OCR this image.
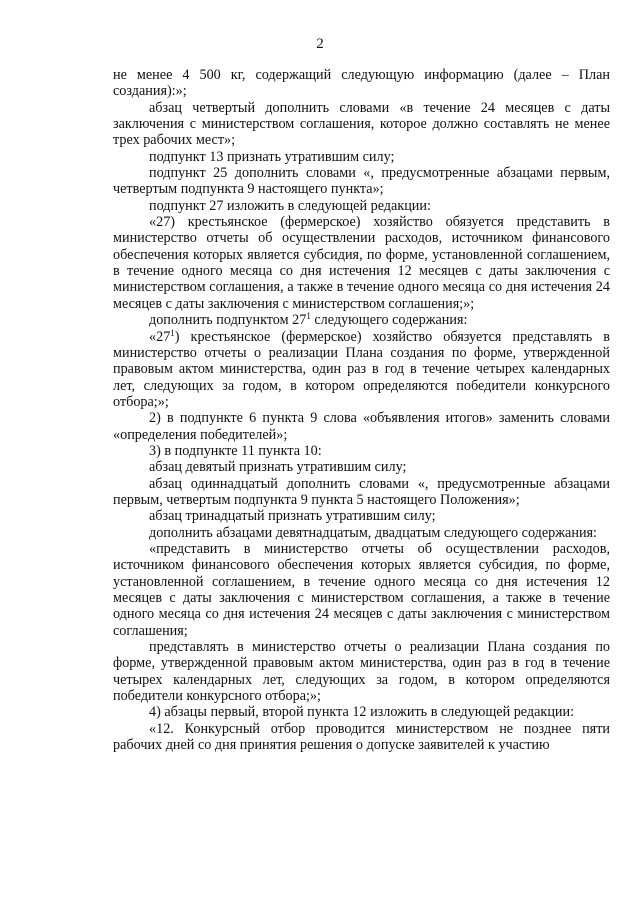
2

не менее 4 500 кг, содержащий следующую информацию (далее – План создания):»;

абзац четвертый дополнить словами «в течение 24 месяцев с даты заключения с министерством соглашения, которое должно составлять не менее трех рабочих мест»;

подпункт 13 признать утратившим силу;

подпункт 25 дополнить словами «, предусмотренные абзацами первым, четвертым подпункта 9 настоящего пункта»;

подпункт 27 изложить в следующей редакции:

«27) крестьянское (фермерское) хозяйство обязуется представить в министерство отчеты об осуществлении расходов, источником финансового обеспечения которых является субсидия, по форме, установленной соглашением, в течение одного месяца со дня истечения 12 месяцев с даты заключения с министерством соглашения, а также в течение одного месяца со дня истечения 24 месяцев с даты заключения с министерством соглашения;»;

дополнить подпунктом $27^1$ следующего содержания:

«$27^1$) крестьянское (фермерское) хозяйство обязуется представлять в министерство отчеты о реализации Плана создания по форме, утвержденной правовым актом министерства, один раз в год в течение четырех календарных лет, следующих за годом, в котором определяются победители конкурсного отбора;»;

2) в подпункте 6 пункта 9 слова «объявления итогов» заменить словами «определения победителей»;

3) в подпункте 11 пункта 10:

абзац девятый признать утратившим силу;

абзац одиннадцатый дополнить словами «, предусмотренные абзацами первым, четвертым подпункта 9 пункта 5 настоящего Положения»;

абзац тринадцатый признать утратившим силу;

дополнить абзацами девятнадцатым, двадцатым следующего содержания:

«представить в министерство отчеты об осуществлении расходов, источником финансового обеспечения которых является субсидия, по форме, установленной соглашением, в течение одного месяца со дня истечения 12 месяцев с даты заключения с министерством соглашения, а также в течение одного месяца со дня истечения 24 месяцев с даты заключения с министерством соглашения;

представлять в министерство отчеты о реализации Плана создания по форме, утвержденной правовым актом министерства, один раз в год в течение четырех календарных лет, следующих за годом, в котором определяются победители конкурсного отбора;»;

4) абзацы первый, второй пункта 12 изложить в следующей редакции:

«12. Конкурсный отбор проводится министерством не позднее пяти рабочих дней со дня принятия решения о допуске заявителей к участию
